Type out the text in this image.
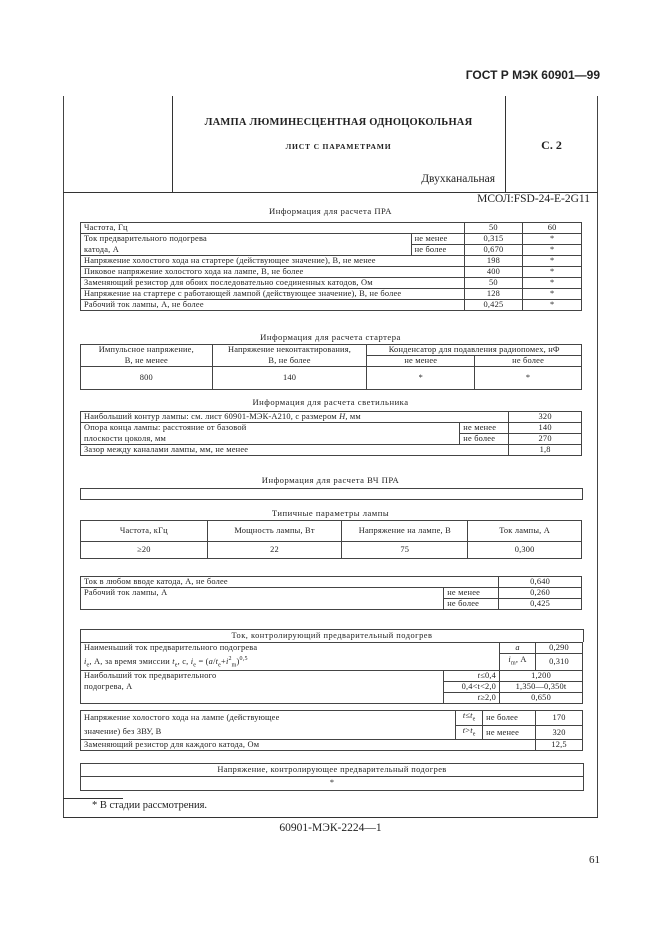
ГОСТ Р МЭК 60901—99
ЛАМПА ЛЮМИНЕСЦЕНТНАЯ ОДНОЦОКОЛЬНАЯ
ЛИСТ С ПАРАМЕТРАМИ	С. 2
Двухканальная
МСОЛ:FSD-24-E-2G11
Информация для расчета ПРА
Частота, Гц		50	60
Ток предварительного подогрева	не менее	0,315	*
катода, А	не более	0,670	*
Напряжение холостого хода на стартере (действующее значение), В, не менее		198	*
Пиковое напряжение холостого хода на лампе, В, не более		400	*
Заменяющий резистор для обоих последовательно соединенных катодов, Ом		50	*
Напряжение на стартере с работающей лампой (действующее значение), В, не более		128	*
Рабочий ток лампы, А, не более		0,425	*
Информация для расчета стартера
Импульсное напряжение,	Напряжение неконтактирования,	Конденсатор для подавления радиопомех, нФ	
В, не менее	В, не более	не менее	не более
800	140	*	*
Информация для расчета светильника
Наибольший контур лампы: см. лист 60901-МЭК-А210, с размером H, мм		320
Опора конца лампы: расстояние от базовой	не менее	140
плоскости цоколя, мм	не более	270
Зазор между каналами лампы, мм, не менее		1,8
Информация для расчета ВЧ ПРА
Типичные параметры лампы
Частота, кГц	Мощность лампы, Вт	Напряжение на лампе, В	Ток лампы, А
≥20	22	75	0,300
Ток в любом вводе катода, А, не более		0,640
Рабочий ток лампы, А	не менее	0,260
	не более	0,425
Ток, контролирующий предварительный подогрев
Наименьший ток предварительного подогрева		a	0,290
$i_e$, А, за время эмиссии $t_e$, с, $i_e = (a/t_e+i^2_m)^{0,5}$		$i_m$, А	0,310
Наибольший ток предварительного	t≤0,4	1,200	
подогрева, А	0,4<t<2,0	1,350—0,350t	
	t≥2,0	0,650	
Напряжение холостого хода на лампе (действующее	$t\le t_e$	не более	170
значение) без ЗВУ, В	$t>t_e$	не менее	320
Заменяющий резистор для каждого катода, Ом			12,5
Напряжение, контролирующее предварительный подогрев
*
* В стадии рассмотрения.
60901-МЭК-2224—1
61
